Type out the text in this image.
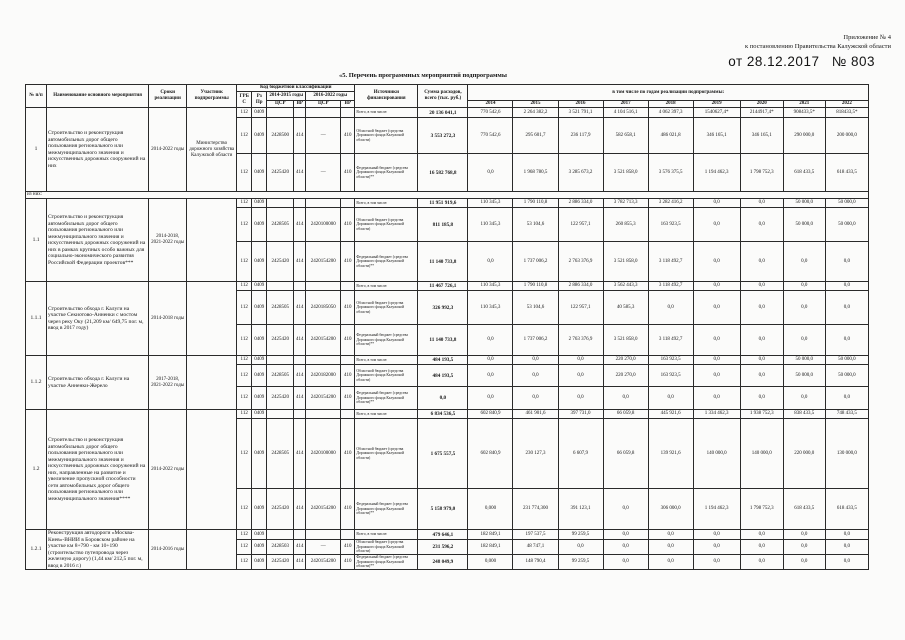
Приложение № 4
к постановлению Правительства Калужской области
от 28.12.2017 № 803
«5. Перечень программных мероприятий подпрограммы
№ п/п	Наименование основного мероприятия	Сроки реализации	Участник подпрограммы	Код бюджетной классификации						Источники финансирования	Сумма расходов, всего (тыс. руб.)	в том числе по годам реализации подпрограммы:								
				ГРБС	Рз Пр	2014-2015 годы		2016-2022 годы												
						ЦСР	ВР	ЦСР	ВР			2014	2015	2016	2017	2018	2019	2020	2021	2022
1	Строительство и реконструкция автомобильных дорог общего пользования регионального или межмуниципального значения и искусственных дорожных сооружений на них	2014-2022 годы	Министерство дорожного хозяйства Калужской области	112	0409					Всего, в том числе:	20 136 041,1	770 542,6	2 264 382,2	3 521 791,1	4 104 516,1	4 062 397,3	1540627,4*	2144917,4*	908433,5*	818433,5*
				112	0409	2428500	414	—	410	Областной бюджет (средства Дорожного фонда Калужской области)	3 553 272,3	770 542,6	295 601,7	236 117,9	582 658,1	486 021,8	346 165,1	346 165,1	290 000,0	200 000,0
				112	0409	2425420	414	—	410	Федеральный бюджет (средства Дорожного фонда Калужской области)**	16 582 768,8	0,0	1 968 780,5	3 285 673,2	3 521 858,0	3 576 375,5	1 194 462,3	1 798 752,3	618 433,5	618 433,5
из них:																				
1.1	Строительство и реконструкция автомобильных дорог общего пользования регионального или межмуниципального значения и искусственных дорожных сооружений на них в рамках крупных особо важных для социально-экономического развития Российской Федерации проектов***	2014-2018, 2021-2022 годы		112	0409					Всего, в том числе:	11 951 919,6	110 345,3	1 790 110,8	2 886 334,0	3 782 713,3	3 282 416,2	0,0	0,0	50 000,0	50 000,0
				112	0409	2428505	414	2420100000	410	Областной бюджет (средства Дорожного фонда Калужской области)	811 185,8	110 345,3	53 104,6	122 957,1	260 855,3	163 923,5	0,0	0,0	50 000,0	50 000,0
				112	0409	2425420	414	2420154200	410	Федеральный бюджет (средства Дорожного фонда Калужской области)**	11 140 733,8	0,0	1 737 006,2	2 763 376,9	3 521 858,0	3 118 492,7	0,0	0,0	0,0	0,0
1.1.1	Строительство обхода г. Калуги на участке Секиотово-Анненки с мостом через реку Оку (21,209 км/ 649,75 пог. м, ввод в 2017 году)	2014-2018 годы		112	0409					Всего, в том числе:	11 467 726,1	110 345,3	1 790 110,8	2 886 334,0	3 562 443,3	3 118 492,7	0,0	0,0	0,0	0,0
				112	0409	2428505	414	2420185050	410	Областной бюджет (средства Дорожного фонда Калужской области)	326 992,3	110 345,3	53 104,6	122 957,1	40 585,3	0,0	0,0	0,0	0,0	0,0
				112	0409	2425420	414	2420154200	410	Федеральный бюджет (средства Дорожного фонда Калужской области)**	11 140 733,8	0,0	1 737 006,2	2 763 376,9	3 521 858,0	3 118 492,7	0,0	0,0	0,0	0,0
1.1.2	Строительство обхода г. Калуги на участке Анненки-Жерело	2017-2018, 2021-2022 годы		112	0409					Всего, в том числе:	484 193,5	0,0	0,0	0,0	220 270,0	163 923,5	0,0	0,0	50 000,0	50 000,0
				112	0409	2428505	414	2420182000	410	Областной бюджет (средства Дорожного фонда Калужской области)	484 193,5	0,0	0,0	0,0	220 270,0	163 923,5	0,0	0,0	50 000,0	50 000,0
				112	0409	2425420	414	2420154200	410	Федеральный бюджет (средства Дорожного фонда Калужской области)**	0,0	0,0	0,0	0,0	0,0	0,0	0,0	0,0	0,0	0,0
1.2	Строительство и реконструкция автомобильных дорог общего пользования регионального или межмуниципального значения и искусственных дорожных сооружений на них, направленные на развитие и увеличение пропускной способности сети автомобильных дорог общего пользования регионального или межмуниципального значения****	2014-2022 годы		112	0409					Всего, в том числе:	6 834 536,5	602 840,9	461 901,6	397 731,0	66 059,8	445 921,6	1 334 462,3	1 938 752,3	838 433,5	748 433,5
				112	0409	2428505	414	2420100000	410	Областной бюджет (средства Дорожного фонда Калужской области)	1 675 557,5	602 840,9	230 127,3	6 607,9	66 059,8	139 921,6	140 000,0	140 000,0	220 000,0	130 000,0
				112	0409	2425420	414	2420154200	410	Федеральный бюджет (средства Дорожного фонда Калужской области)**	5 158 979,0	0,000	231 774,300	391 123,1	0,0	306 000,0	1 194 462,3	1 798 752,3	618 433,5	618 433,5
1.2.1	Реконструкция автодороги «Москва-Киев»-ВНИИ в Боровском районе на участке км 8+790 - км 10+190 (строительство путепровода через железную дорогу) (1,44 км/ 212,5 пог. м, ввод в 2016 г.)	2014-2016 годы		112	0409					Всего, в том числе:	479 646,1	182 849,1	197 537,5	99 259,5	0,0	0,0	0,0	0,0	0,0	0,0
				112	0409	2428503	414	—	410	Областной бюджет (средства Дорожного фонда Калужской области)	231 596,2	182 849,1	48 747,1	0,0	0,0	0,0	0,0	0,0	0,0	0,0
				112	0409	2425420	414	2420154200	410	Федеральный бюджет (средства Дорожного фонда Калужской области)**	248 049,9	0,000	148 790,4	99 259,5	0,0	0,0	0,0	0,0	0,0	0,0
